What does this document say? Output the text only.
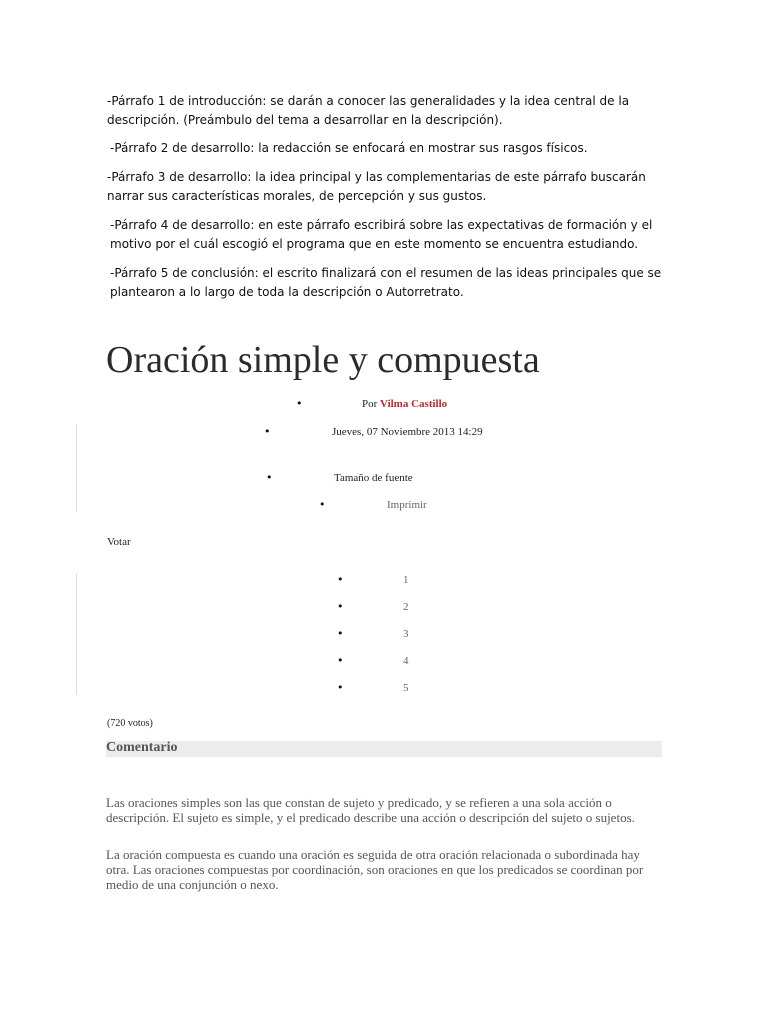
-Párrafo 1 de introducción: se darán a conocer las generalidades y la idea central de la descripción. (Preámbulo del tema a desarrollar en la descripción).

-Párrafo 2 de desarrollo: la redacción se enfocará en mostrar sus rasgos físicos.

-Párrafo 3 de desarrollo: la idea principal y las complementarias de este párrafo buscarán narrar sus características morales, de percepción y sus gustos.

-Párrafo 4 de desarrollo: en este párrafo escribirá sobre las expectativas de formación y el motivo por el cuál escogió el programa que en este momento se encuentra estudiando.

-Párrafo 5 de conclusión: el escrito finalizará con el resumen de las ideas principales que se plantearon a lo largo de toda la descripción o Autorretrato.

Oración simple y compuesta
•	Por Vilma Castillo
•	Jueves, 07 Noviembre 2013 14:29
•	Tamaño de fuente
•	Imprimir
Votar
•	1
•	2
•	3
•	4
•	5
(720 votos)
Comentario

Las oraciones simples son las que constan de sujeto y predicado, y se refieren a una sola acción o descripción. El sujeto es simple, y el predicado describe una acción o descripción del sujeto o sujetos.

La oración compuesta es cuando una oración es seguida de otra oración relacionada o subordinada hay otra. Las oraciones compuestas por coordinación, son oraciones en que los predicados se coordinan por medio de una conjunción o nexo.
